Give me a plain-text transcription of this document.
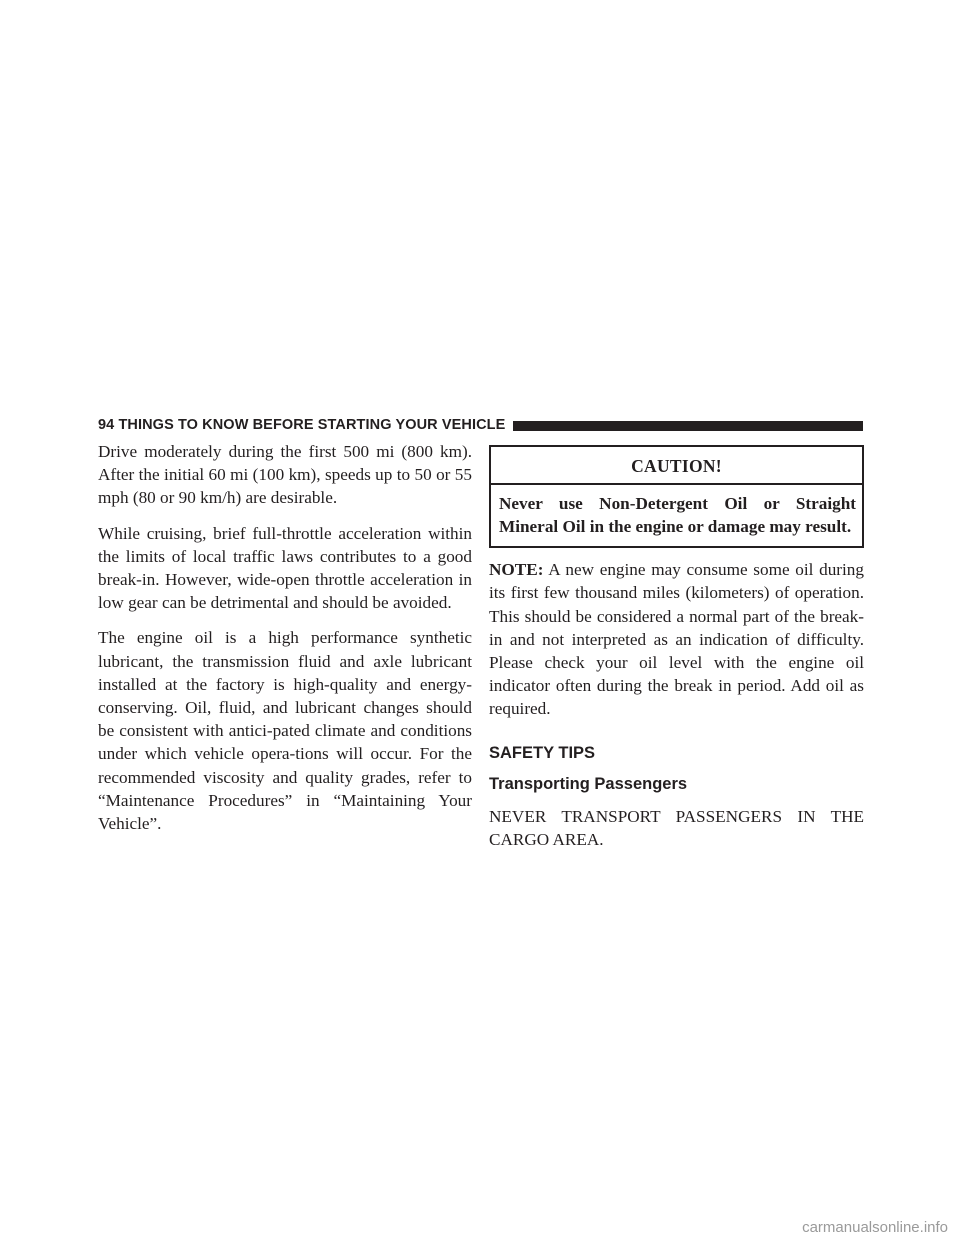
94 THINGS TO KNOW BEFORE STARTING YOUR VEHICLE

Drive moderately during the first 500 mi (800 km). After the initial 60 mi (100 km), speeds up to 50 or 55 mph (80 or 90 km/h) are desirable.

While cruising, brief full-throttle acceleration within the limits of local traffic laws contributes to a good break-in. However, wide-open throttle acceleration in low gear can be detrimental and should be avoided.

The engine oil is a high performance synthetic lubricant, the transmission fluid and axle lubricant installed at the factory is high-quality and energy-conserving. Oil, fluid, and lubricant changes should be consistent with antici-pated climate and conditions under which vehicle opera-tions will occur. For the recommended viscosity and quality grades, refer to “Maintenance Procedures” in “Maintaining Your Vehicle”.

CAUTION!
Never use Non-Detergent Oil or Straight Mineral Oil in the engine or damage may result.

NOTE: A new engine may consume some oil during its first few thousand miles (kilometers) of operation. This should be considered a normal part of the break-in and not interpreted as an indication of difficulty. Please check your oil level with the engine oil indicator often during the break in period. Add oil as required.

SAFETY TIPS
Transporting Passengers

NEVER TRANSPORT PASSENGERS IN THE CARGO AREA.

carmanualsonline.info
